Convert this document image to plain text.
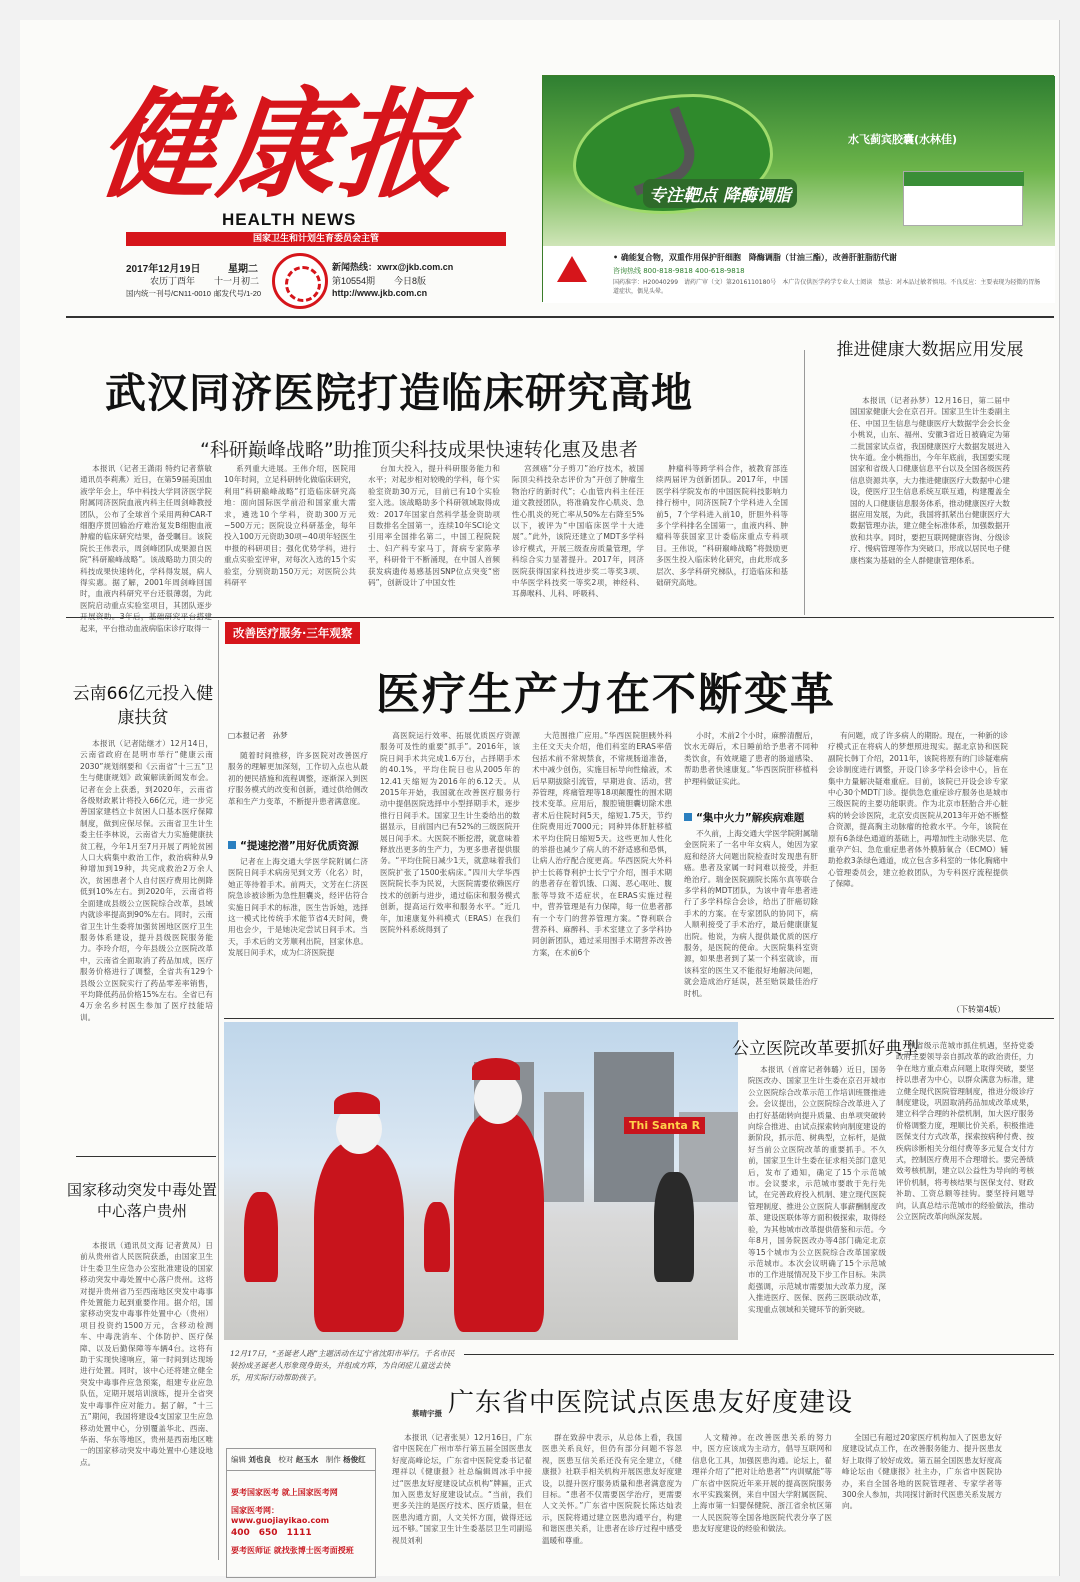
健康报
HEALTH NEWS
国家卫生和计划生育委员会主管
2017年12月19日	星期二
农历丁酉年 十一月初二
国内统一刊号/CN11-0010 邮发代号/1-20
新闻热线：xwrx@jkb.com.cn
第10554期 今日8版
http://www.jkb.com.cn
水飞蓟宾胶囊(水林佳)
专注靶点 降酶调脂
• 确能复合物，双重作用保护肝细胞　降酶调脂（甘油三酯），改善肝脏脂肪代谢
咨询热线 800-818-9818 400-618-9818
国药准字：H20040299　请药广审（文）第2016110180号　本广告仅供医学药学专业人士阅读　禁忌：对本品过敏者慎用。不良反应：主要表现为轻微的胃肠道症状，偶见头晕。
武汉同济医院打造临床研究高地
“科研巅峰战略”助推顶尖科技成果快速转化惠及患者

本报讯（记者王潇雨 特约记者蔡敏 通讯员李莉燕）近日，在第59届美国血液学年会上，华中科技大学同济医学院附属同济医院血液内科主任周剑峰教授团队，公布了全球首个采用两种CAR-T细胞序贯回输治疗难治复发B细胞血液肿瘤的临床研究结果，备受瞩目。该院院长王伟表示，周剑峰团队成果源自医院“科研巅峰战略”。该战略助力顶尖的科技成果快速转化，学科得发展，病人得实惠。据了解，2001年周剑峰回国时，血液内科研究平台还很薄弱，为此医院启动重点实验室项目，其团队逐步 起来，平台推动血液病临床诊疗取得一

系列重大进展。王伟介绍，医院用10年时间，立足科研转化做临床研究，利用“科研巅峰战略”打造临床研究高地：面向国际医学前沿和国家重大需求，遴选10个学科，资助300万元~500万元；医院设立科研基金，每年投入100万元资助30项~40项年轻医生申报的科研项目；强化优势学科，进行重点实验室评审，对每次入选的15个实验室，分别资助150万元；对医院公共科研平

台加大投入，提升科研服务能力和水平；对起步相对较晚的学科，每个实验室资助30万元，目前已有10个实验室入选。该战略助多个科研领域取得成效：2017年国家自然科学基金资助项目数排名全国第一，连续10年SCI论文引用率全国排名第二，中国工程院院士、妇产科专家马丁，肾病专家陈孝平，科研骨干不断涌现，在中国人首频获发病遗传易感基因SNP位点突变“密码”，创新设计了中国女性

宫颈癌“分子剪刀”治疗技术，被国际顶尖科技杂志评价为“开创了肿瘤生物治疗的新时代”；心血管内科主任汪道文教授团队，将准确发作心肌炎、急性心肌炎的死亡率从50%左右降至5%以下，被评为“中国临床医学十大进展”。”此外，该院还建立了MDT多学科诊疗模式，开展三级查房质量管理，学科综合实力显著提升。2017年，同济医院获得国家科技进步奖二等奖3项、中华医学科技奖一等奖2项，神经科、耳鼻喉科、儿科、呼吸科、

肿瘤科等跨学科合作，被教育部连续两届评为创新团队。2017年，中国医学科学院发布的中国医院科技影响力排行榜中，同济医院7个学科进入全国前5，7个学科进入前10，肝胆外科等多个学科排名全国第一，血液内科、肿瘤科等获国家卫计委临床重点专科项目。王伟说，“科研巅峰战略”将鼓励更多医生投入临床转化研究，由此形成多层次、多学科研究梯队，打造临床和基础研究高地。

推进健康大数据应用发展

本报讯（记者孙梦）12月16日，第二届中国国家健康大会在京召开。国家卫生计生委副主任、中国卫生信息与健康医疗大数据学会会长金小桃说，山东、福州、安徽3省近日被确定为第二批国家试点省，我国健康医疗大数据发展进入快车道。金小桃指出，今年年底前，我国要实现国家和省级人口健康信息平台以及全国各级医药信息资源共享，大力推进健康医疗大数据中心建设，使医疗卫生信息系统互联互通，构建覆盖全国的人口健康信息服务体系，推动健康医疗大数据应用发展，为此，我国将抓紧出台健康医疗大数据管理办法，建立健全标准体系，加强数据开放和共享。同时，要把互联网健康咨询、分级诊疗、慢病管理等作为突破口，形成以居民电子健康档案为基础的全人群健康管理体系。

云南66亿元投入健康扶贫

本报讯（记者陆继才）12月14日，云南省政府在昆明市举行“健康云南2030”规划纲要和《云南省“十三五”卫生与健康规划》政策解读新闻发布会。记者在会上获悉，到2020年，云南省各级财政累计将投入66亿元，进一步完善国家建档立卡贫困人口基本医疗保障制度，做到应保尽保。云南省卫生计生委主任李林说，云南省大力实施健康扶贫工程，今年1月至7月开展了两轮贫困人口大病集中救治工作，救治病种从9种增加到19种，共完成救治2万余人次，贫困患者个人自付医疗费用比例降低到10%左右。到2020年，云南省将全面建成县级公立医院综合改革，县域内就诊率提高到90%左右。同时，云南省卫生计生委将加强贫困地区医疗卫生服务体系建设，提升县级医院服务能力。李玲介绍，今年县级公立医院改革中，云南省全面取消了药品加成，医疗服务价格进行了调整，全省共有129个县级公立医院实行了药品零差率销售，平均降低药品价格15%左右。全省已有4万余名乡村医生参加了医疗技能培训。

国家移动突发中毒处置中心落户贵州

本报讯（通讯员文海 记者黄凤）日前从贵州省人民医院获悉，由国家卫生计生委卫生应急办公室批准建设的国家移动突发中毒处置中心落户贵州。这将对提升贵州省乃至西南地区突发中毒事件处置能力起到重要作用。据介绍，国家移动突发中毒事件处置中心（贵州）项目投资约1500万元，含移动检测车、中毒洗消车、个体防护、医疗保障、以及后勤保障等车辆4台。这将有助于实现快速响应，第一时间到达现场进行处置。同时，该中心还将建立健全突发中毒事件应急预案，组建专业应急队伍，定期开展培训演练，提升全省突发中毒事件应对能力。据了解，“十三五”期间，我国将建设4支国家卫生应急移动处置中心，分别覆盖华北、西南、华南、华东等地区，贵州是西南地区唯一的国家移动突发中毒处置中心建设地点。

改善医疗服务·三年观察
医疗生产力在不断变革
□本报记者　孙梦

随着时间推移，许多医院对改善医疗服务的理解更加深刻，工作切入点也从最初的便民措施和流程调整，逐渐深入到医疗服务模式的改变和创新，通过供给侧改革和生产力变革，不断提升患者满意度。

“提速挖潜”用好优质资源

记者在上海交通大学医学院附属仁济医院日间手术病房见到文芳（化名）时，她正等待着手术。前两天，文芳在仁济医院急诊被诊断为急性胆囊炎，经评估符合实施日间手术的标准，医生告诉她，选择这一模式比传统手术能节省4天时间，费用也会少，于是她决定尝试日间手术。当天，手术后的文芳顺利出院，回家休息。发展日间手术，成为仁济医院提

高医院运行效率、拓展优质医疗资源服务可及性的重要“抓手”。2016年，该院日间手术共完成1.6万台，占择期手术的40.1%，平均住院日也从2005年的12.41天缩短为2016年的6.12天。从2015年开始，我国就在改善医疗服务行动中提倡医院选择中小型择期手术，逐步推行日间手术。国家卫生计生委给出的数据显示，目前国内已有52%的三级医院开展日间手术。大医院不断挖潜，就意味着释放出更多的生产力，为更多患者提供服务。“平均住院日减少1天，就意味着我们医院扩张了1500张病床。”四川大学华西医院院长李为民说，大医院需要依赖医疗技术的创新与进步，通过临床和服务模式创新，提高运行效率和服务水平。“近几年，加速康复外科模式（ERAS）在我们医院外科系统得到了

大范围推广应用。”华西医院胆胰外科主任文天夫介绍，他们科室的ERAS率借包括术前不常规禁食，不常规肠道准备，术中减少创伤，实施目标导向性输液，术后早期拔除引流管，早期进食、活动，营养管理，疼痛管理等18项颠覆性的围术期技术变革。应用后，腹腔镜胆囊切除术患者术后住院时间5天，缩短1.75天，节约住院费用近7000元；同种异体肝脏移植术平均住院日缩短5天。这些更加人性化的举措也减少了病人的不舒适感和恐惧，让病人治疗配合度更高。华西医院大外科护士长蒋脊利护士长宁宁介绍，围手术期的患者存在着饥饿、口渴、恶心呕吐、腹胀等导致不适症状，在ERAS实施过程中，营养管理是有力保障，每一位患者都有一个专门的营养管理方案。“脊利联合营养科、麻醉科、手术室建立了多学科协同创新团队，通过采用围手术期营养改善方案，在术前6个

小时，术前2个小时，麻醉清醒后，饮水无碍后，术日睡前给予患者不同种类饮食，有效规避了患者的肠道感染、帮助患者快速康复。”华西医院肝移植科护理科做证实此。

“集中火力”解疾病难题

不久前，上海交通大学医学院附属瑞金医院来了一名中年女病人，她因为家庭和经济大问题出院检查时发现患有肝癌。患者及家属一时间难以接受，并拒绝治疗。瑞金医院副院长陈尔真等联合多学科的MDT团队，为该中青年患者进行了多学科综合会诊，给出了肝癌切除手术的方案。在专家团队的协同下，病人顺利接受了手术治疗，最后健康康复出院。他说，为病人提供最优质的医疗服务，是医院的使命。大医院集科室资源，如果患者到了某一个科室就诊，而该科室的医生又不能很好地解决问题，就会造成治疗延误，甚至贻误最佳治疗时机。

有问题，成了许多病人的期盼。现在，一种新的诊疗模式正在将病人的梦想照进现实。据北京协和医院副院长韩丁介绍，2011年，该院将原有的门诊疑难病会诊制度进行调整，开设门诊多学科会诊中心，旨在集中力量解决疑难重症。目前，该院已开设会诊专家中心30个MDT门诊。提供急危重症诊疗服务也是城市三级医院的主要功能职责。作为北京市胚胎合并心脏病的转会诊医院，北京安贞医院从2013年开始不断整合资源，提高胸主动脉瘤的抢救水平。今年，该院在原有6条绿色通道的基础上，再增加性主动脉夹层、危重孕产妇、急危重症患者体外膜肺氧合（ECMO）辅助抢救3条绿色通道，成立包含多科室的一体化胸痛中心管理委员会，建立抢救团队，为专科医疗流程提供了保障。

（下转第4版）
Thi Santa R
12月17日，“圣诞老人跑”主题活动在辽宁省沈阳市举行。千名市民装扮成圣诞老人形象现身街头，并组成方阵，为自闭症儿童送去快乐，用实际行动帮助孩子。
蔡晴宇摄
编辑 刘也良　 校对 赵玉水　 制作 杨俊红
要考国家医考 就上国家医考网
国家医考网：www.guojiayikao.com
400　650　1111
要考医师证 就找张博士医考面授班
公立医院改革要抓好典型

本报讯（首席记者韩璐）近日，国务院医改办、国家卫生计生委在京召开城市公立医院综合改革示范工作培训班暨推进会。会议提出，公立医院综合改革进入了由打好基础转向提升质量、由单项突破转向综合推进、由试点探索转向制度建设的新阶段，抓示范、树典型，立标杆，是做好当前公立医院改革的重要抓手。不久前，国家卫生计生委在征求相关部门意见后，发布了通知，确定了15个示范城市。会议要求，示范城市要敢于先行先试，在完善政府投入机制、建立现代医院管理制度、推进公立医院人事薪酬制度改革、建设医联体等方面积极探索，取得经验，为其他城市改革提供借鉴和示范。今年8月，国务院医改办等4部门确定北京等15个城市为公立医院综合改革国家级示范城市。本次会议明确了15个示范城市的工作进展情况及下步工作目标。朱洪彪强调，示范城市需要加大改革力度，深入推进医疗、医保、医药三医联动改革，实现重点领域和关键环节的新突破。

和省级示范城市抓住机遇，坚持党委政府主要领导亲自抓改革的政治责任，力争在地方重点难点问题上取得突破，要坚持以患者为中心，以群众满意为标准，建立健全现代医院管理制度，推进分级诊疗制度建设，巩固取消药品加成改革成果，建立科学合理的补偿机制，加大医疗服务价格调整力度，理顺比价关系，积极推进医保支付方式改革，探索按病种付费、按疾病诊断相关分组付费等多元复合支付方式，控制医疗费用不合理增长。要完善绩效考核机制，建立以公益性为导向的考核评价机制，将考核结果与医保支付、财政补助、工资总额等挂钩。要坚持问题导向，认真总结示范城市的经验做法，推动公立医院改革向纵深发展。

广东省中医院试点医患友好度建设

本报讯（记者张昊）12月16日，广东省中医院在广州市举行第五届全国医患友好度高峰论坛，广东省中医院党委书记翟理祥以《健康报》社总编辑周冰手中接过“医患友好度建设试点机构”牌匾，正式加入医患友好度建设试点。“当前，我们更多关注的是医疗技术、医疗质量，但在医患沟通方面，人文关怀方面，做得还远远不够。”国家卫生计生委基层卫生司副巡视员刘利

群在致辞中表示，从总体上看，我国医患关系良好，但仍有部分问题不容忽视，医患互信关系还没有完全建立，《健康报》社联手相关机构开展医患友好度建设，以提升医疗服务质量和患者满意度为目标。“患者不仅需要医学治疗，更需要人文关怀。”广东省中医院院长陈达灿表示，医院将通过建立医患沟通平台，构建和谐医患关系，让患者在诊疗过程中感受温暖和尊重。

人文精神。在改善医患关系的努力中，医方应该成为主动方，倡导互联网和信息化工具，加强医患沟通。论坛上，翟理祥介绍了“把对让给患者”“内训赋能”等广东省中医院近年来开展的提高医院服务水平实践案例，来自中国大学附属医院、上海市第一妇婴保健院、浙江省余杭区第一人民医院等全国各地医院代表分享了医患友好度建设的经验和做法。

全国已有超过20家医疗机构加入了医患友好度建设试点工作，在改善服务能力、提升医患友好上取得了较好成效。第五届全国医患友好度高峰论坛由《健康报》社主办，广东省中医院协办，来自全国各地的医院管理者、专家学者等300余人参加，共同探讨新时代医患关系发展方向。
